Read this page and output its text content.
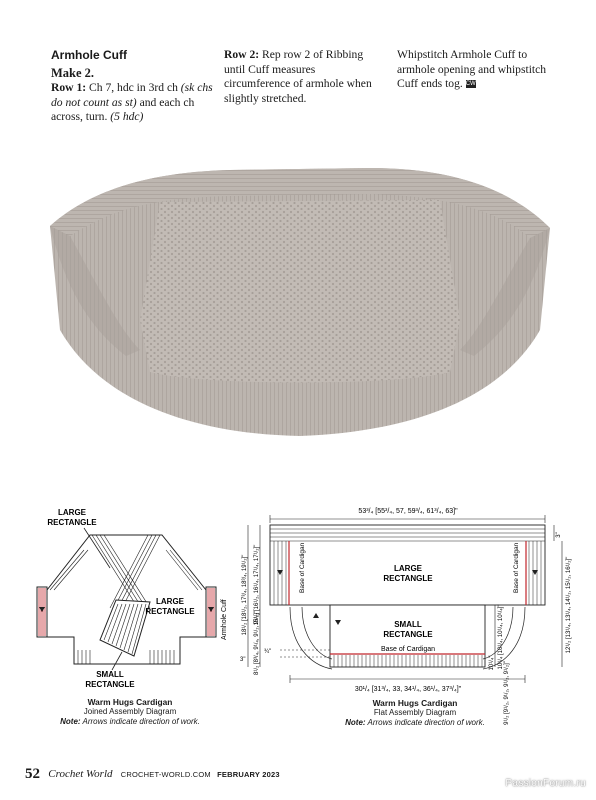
Armhole Cuff
Make 2.
Row 1: Ch 7, hdc in 3rd ch (sk chs do not count as st) and each ch across, turn. (5 hdc)
Row 2: Rep row 2 of Ribbing until Cuff measures circumference of armhole when slightly stretched.
Whipstitch Armhole Cuff to armhole opening and whipstitch Cuff ends tog. CW
LARGE
RECTANGLE
LARGE
RECTANGLE
SMALL
RECTANGLE
Armhole Cuff
Warm Hugs Cardigan
Joined Assembly Diagram
Note: Arrows indicate direction of work.
53³/₄ [55³/₄, 57, 59³/₄, 61³/₄, 63]"
LARGE
RECTANGLE
SMALL
RECTANGLE
Base of Cardigan
30¹/₄ [31³/₄, 33, 34¹/₄, 36¹/₄, 37³/₄]"
Base of Cardigan	Base of Cardigan
18¹/₂ [18¹/₂, 17³/₄, 18³/₄, 19¹/₂]" 15¹/₂ [16¹/₂, 16¹/₄, 17¹/₄, 17¹/₂]"
8¹/₂ [8³/₄, 9¹/₄, 9¹/₂, 9¹/₂]"
3"
¾"
3"
12¹/₂ [13¹/₄, 13¹/₄, 14¹/₂, 15¹/₂, 16¹/₂]"
10¹/₄ [10¹/₄, 10¹/₄, 10¹/₄]"
10¹/₄" 9¹/₂ [9¹/₂, 9¹/₂, 9¹/₂, 9¹/₂]"
Warm Hugs Cardigan
Flat Assembly Diagram
Note: Arrows indicate direction of work.
52 Crochet World CROCHET-WORLD.COM FEBRUARY 2023
PassionForum.ru
